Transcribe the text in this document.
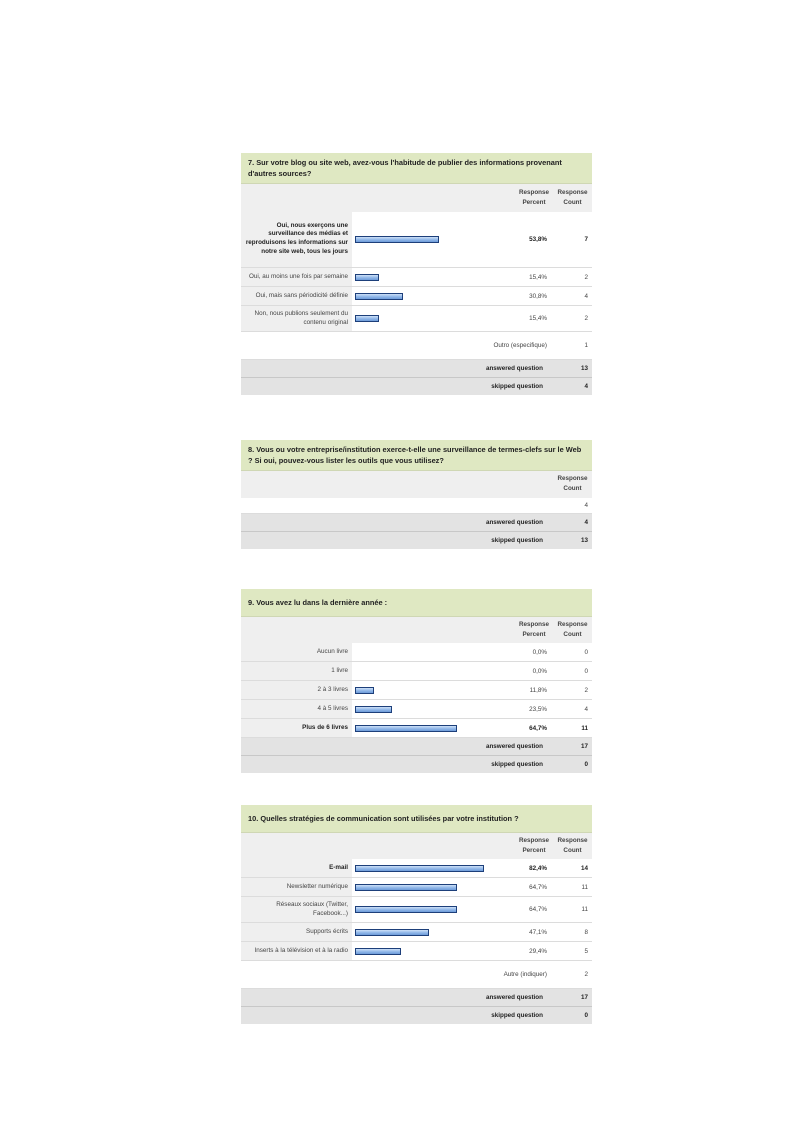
7. Sur votre blog ou site web, avez-vous l'habitude de publier des informations provenant d'autres sources?			
		Response Percent	Response Count
Oui, nous exerçons une surveillance des médias et reproduisons les informations sur notre site web, tous les jours		53,8%	7
Oui, au moins une fois par semaine		15,4%	2
Oui, mais sans périodicité définie		30,8%	4
Non, nous publions seulement du contenu original		15,4%	2
Outro (especifique)			1
answered question			13
skipped question			4
8. Vous ou votre entreprise/institution exerce-t-elle une surveillance de termes-clefs sur le Web ? Si oui, pouvez-vous lister les outils que vous utilisez?	
	Response Count
	4
answered question	4
skipped question	13
9. Vous avez lu dans la dernière année :			
		Response Percent	Response Count
Aucun livre		0,0%	0
1 livre		0,0%	0
2 à 3 livres		11,8%	2
4 à 5 livres		23,5%	4
Plus de 6 livres		64,7%	11
answered question			17
skipped question			0
10. Quelles stratégies de communication sont utilisées par votre institution ?			
		Response Percent	Response Count
E-mail		82,4%	14
Newsletter numérique		64,7%	11
Réseaux sociaux (Twitter, Facebook...)		64,7%	11
Supports écrits		47,1%	8
Inserts à la télévision et à la radio		29,4%	5
Autre (indiquer)			2
answered question			17
skipped question			0
